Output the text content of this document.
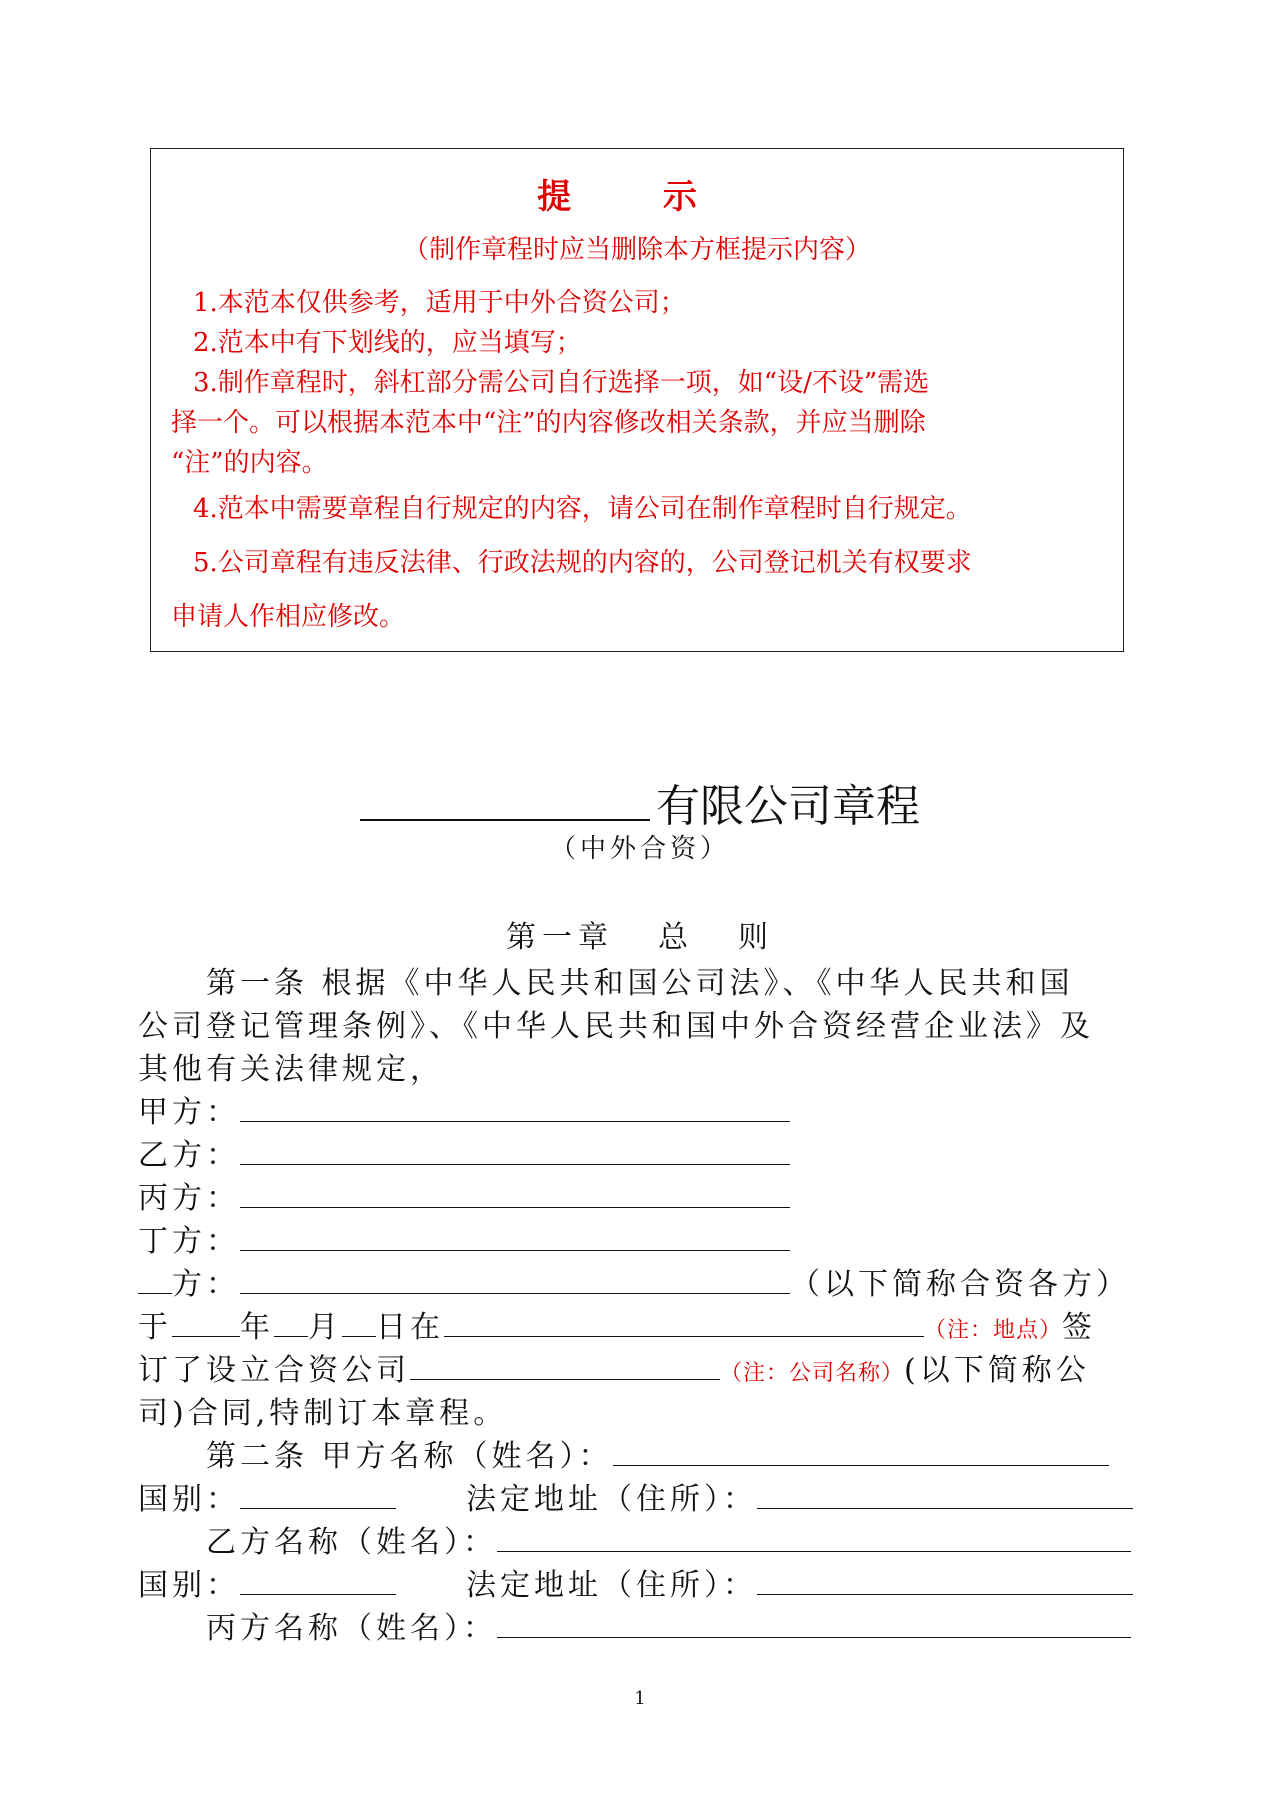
提 示
（制作章程时应当删除本方框提示内容）
1.本范本仅供参考，适用于中外合资公司；
2.范本中有下划线的，应当填写；
3.制作章程时，斜杠部分需公司自行选择一项，如“设/不设”需选
择一个。可以根据本范本中“注”的内容修改相关条款，并应当删除
“注”的内容。
4.范本中需要章程自行规定的内容，请公司在制作章程时自行规定。
5.公司章程有违反法律、行政法规的内容的，公司登记机关有权要求
申请人作相应修改。
有限公司章程
（中外合资）
第一章 总 则
第一条 根据《中华人民共和国公司法》、《中华人民共和国
公司登记管理条例》、《中华人民共和国中外合资经营企业法》及
其他有关法律规定，
甲方：
乙方：
丙方：
丁方：
方：	（以下简称合资各方）
于 年 月 日在	（注：地点）签
订了设立合资公司	（注：公司名称）(以下简称公
司)合同,特制订本章程。
第二条 甲方名称（姓名）：
国别：	法定地址（住所）：
乙方名称（姓名）：
国别：	法定地址（住所）：
丙方名称（姓名）：
1
